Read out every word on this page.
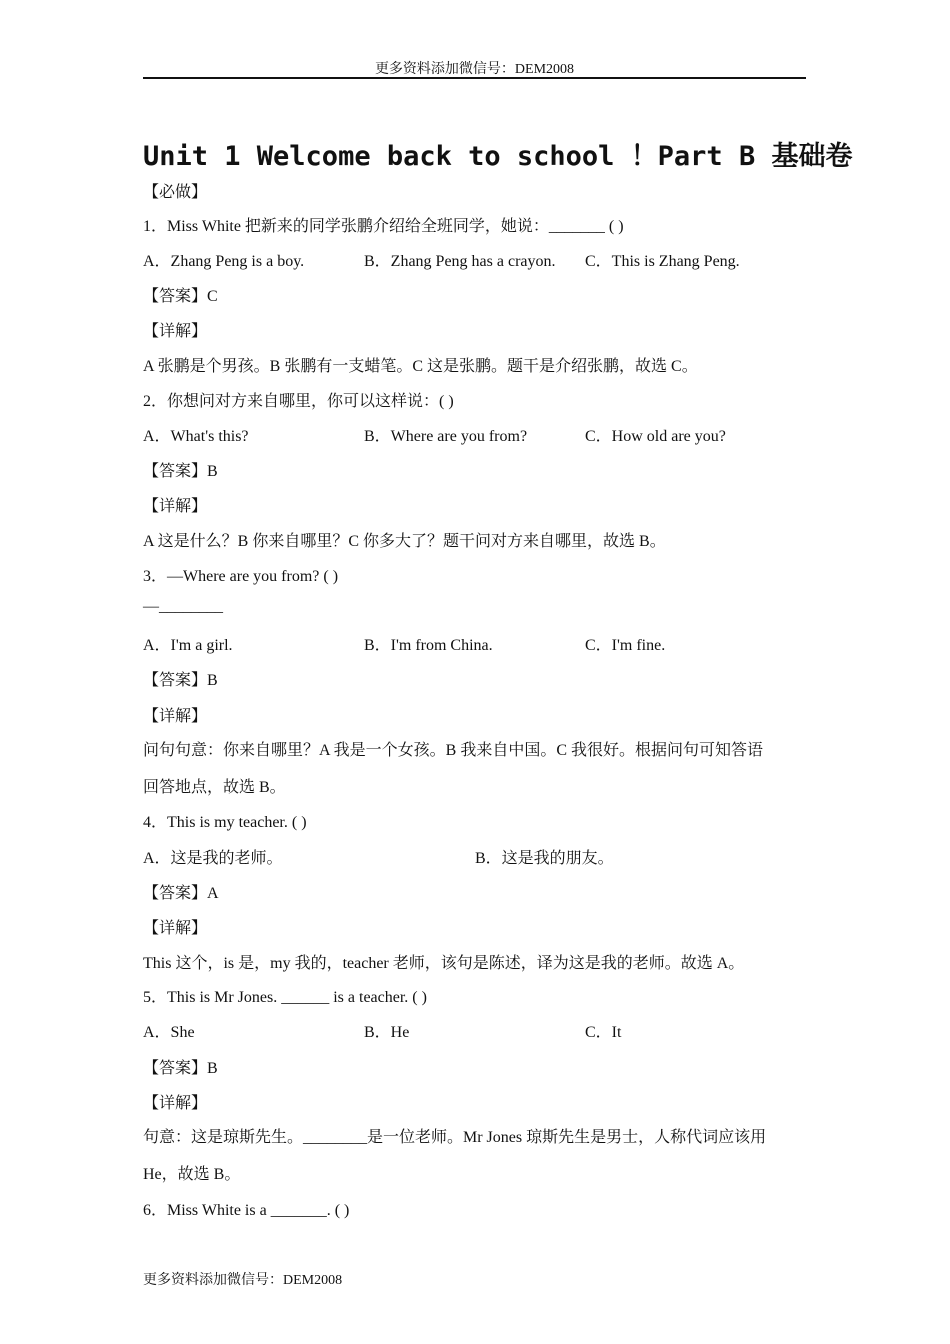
更多资料添加微信号：DEM2008
Unit 1 Welcome back to school ！Part B 基础卷
【必做】
1．Miss White 把新来的同学张鹏介绍给全班同学，她说：_______ ( )
A．Zhang Peng is a boy.	B．Zhang Peng has a crayon. C．This is Zhang Peng.
【答案】C
【详解】
A 张鹏是个男孩。B 张鹏有一支蜡笔。C 这是张鹏。题干是介绍张鹏，故选 C。
2．你想问对方来自哪里，你可以这样说：( )
A．What's this?	B．Where are you from?	C．How old are you?
【答案】B
【详解】
A 这是什么？B 你来自哪里？C 你多大了？题干问对方来自哪里，故选 B。
3．—Where are you from? ( )
—________
A．I'm a girl.	B．I'm from China.	C．I'm fine.
【答案】B
【详解】
问句句意：你来自哪里？A 我是一个女孩。B 我来自中国。C 我很好。根据问句可知答语
回答地点，故选 B。
4．This is my teacher. ( )
A．这是我的老师。	B．这是我的朋友。
【答案】A
【详解】
This 这个，is 是，my 我的，teacher 老师，该句是陈述，译为这是我的老师。故选 A。
5．This is Mr Jones. ______ is a teacher. ( )
A．She	B．He	C．It
【答案】B
【详解】
句意：这是琼斯先生。________是一位老师。Mr Jones 琼斯先生是男士，人称代词应该用
He，故选 B。
6．Miss White is a _______. ( )
更多资料添加微信号：DEM2008
